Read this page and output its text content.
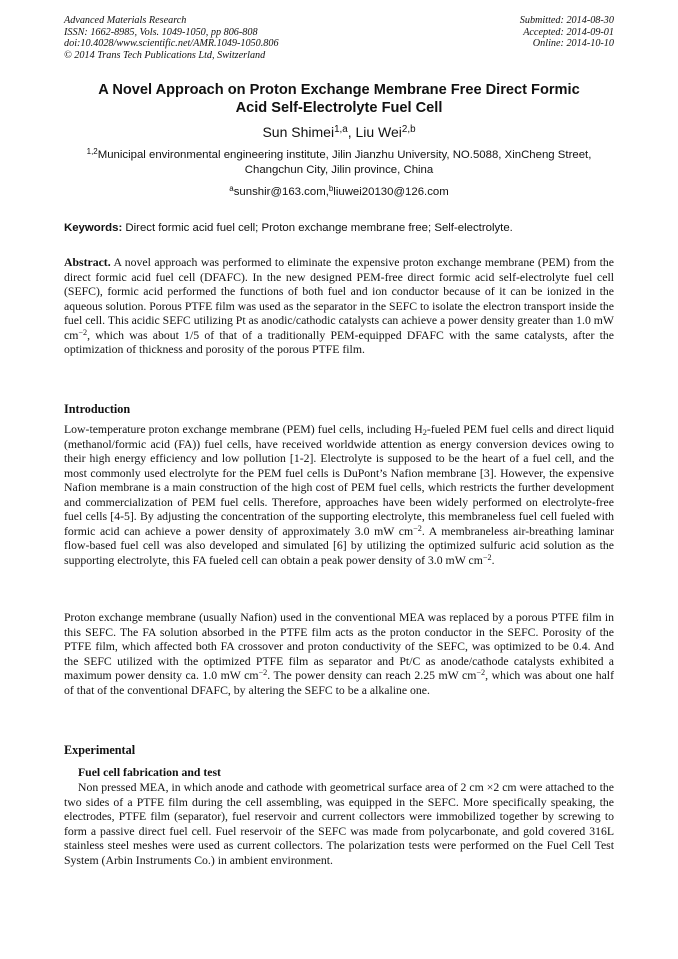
Advanced Materials Research
ISSN: 1662-8985, Vols. 1049-1050, pp 806-808
doi:10.4028/www.scientific.net/AMR.1049-1050.806
© 2014 Trans Tech Publications Ltd, Switzerland
Submitted: 2014-08-30
Accepted: 2014-09-01
Online: 2014-10-10
A Novel Approach on Proton Exchange Membrane Free Direct Formic
Acid Self-Electrolyte Fuel Cell
Sun Shimei$^{1,a}$, Liu Wei$^{2,b}$
$^{1,2}$Municipal environmental engineering institute, Jilin Jianzhu University, NO.5088, XinCheng Street, Changchun City, Jilin province, China
$^a$sunshir@163.com,$^b$liuwei20130@126.com
Keywords: Direct formic acid fuel cell; Proton exchange membrane free; Self-electrolyte.

Abstract. A novel approach was performed to eliminate the expensive proton exchange membrane (PEM) from the direct formic acid fuel cell (DFAFC). In the new designed PEM-free direct formic acid self-electrolyte fuel cell (SEFC), formic acid performed the functions of both fuel and ion conductor because of it can be ionized in the aqueous solution. Porous PTFE film was used as the separator in the SEFC to isolate the electron transport inside the fuel cell. This acidic SEFC utilizing Pt as anodic/cathodic catalysts can achieve a power density greater than 1.0 mW $cm^{-2}$, which was about 1/5 of that of a traditionally PEM-equipped DFAFC with the same catalysts, after the optimization of thickness and porosity of the porous PTFE film.

Introduction

Low-temperature proton exchange membrane (PEM) fuel cells, including $H_2$-fueled PEM fuel cells and direct liquid (methanol/formic acid (FA)) fuel cells, have received worldwide attention as energy conversion devices owing to their high energy efficiency and low pollution [1-2]. Electrolyte is supposed to be the heart of a fuel cell, and the most commonly used electrolyte for the PEM fuel cells is DuPont’s Nafion membrane [3]. However, the expensive Nafion membrane is a main construction of the high cost of PEM fuel cells, which restricts the further development and commercialization of PEM fuel cells. Therefore, approaches have been widely performed on electrolyte-free fuel cells [4-5]. By adjusting the concentration of the supporting electrolyte, this membraneless fuel cell fueled with formic acid can achieve a power density of approximately 3.0 mW $cm^{-2}$. A membraneless air-breathing laminar flow-based fuel cell was also developed and simulated [6] by utilizing the optimized sulfuric acid solution as the supporting electrolyte, this FA fueled cell can obtain a peak power density of 3.0 mW $cm^{-2}$.

Proton exchange membrane (usually Nafion) used in the conventional MEA was replaced by a porous PTFE film in this SEFC. The FA solution absorbed in the PTFE film acts as the proton conductor in the SEFC. Porosity of the PTFE film, which affected both FA crossover and proton conductivity of the SEFC, was optimized to be 0.4. And the SEFC utilized with the optimized PTFE film as separator and Pt/C as anode/cathode catalysts exhibited a maximum power density ca. 1.0 mW $cm^{-2}$. The power density can reach 2.25 mW $cm^{-2}$, which was about one half of that of the conventional DFAFC, by altering the SEFC to be a alkaline one.

Experimental
Fuel cell fabrication and test

Non pressed MEA, in which anode and cathode with geometrical surface area of 2 cm ×2 cm were attached to the two sides of a PTFE film during the cell assembling, was equipped in the SEFC. More specifically speaking, the electrodes, PTFE film (separator), fuel reservoir and current collectors were immobilized together by screwing to form a passive direct fuel cell. Fuel reservoir of the SEFC was made from polycarbonate, and gold covered 316L stainless steel meshes were used as current collectors. The polarization tests were performed on the Fuel Cell Test System (Arbin Instruments Co.) in ambient environment.
